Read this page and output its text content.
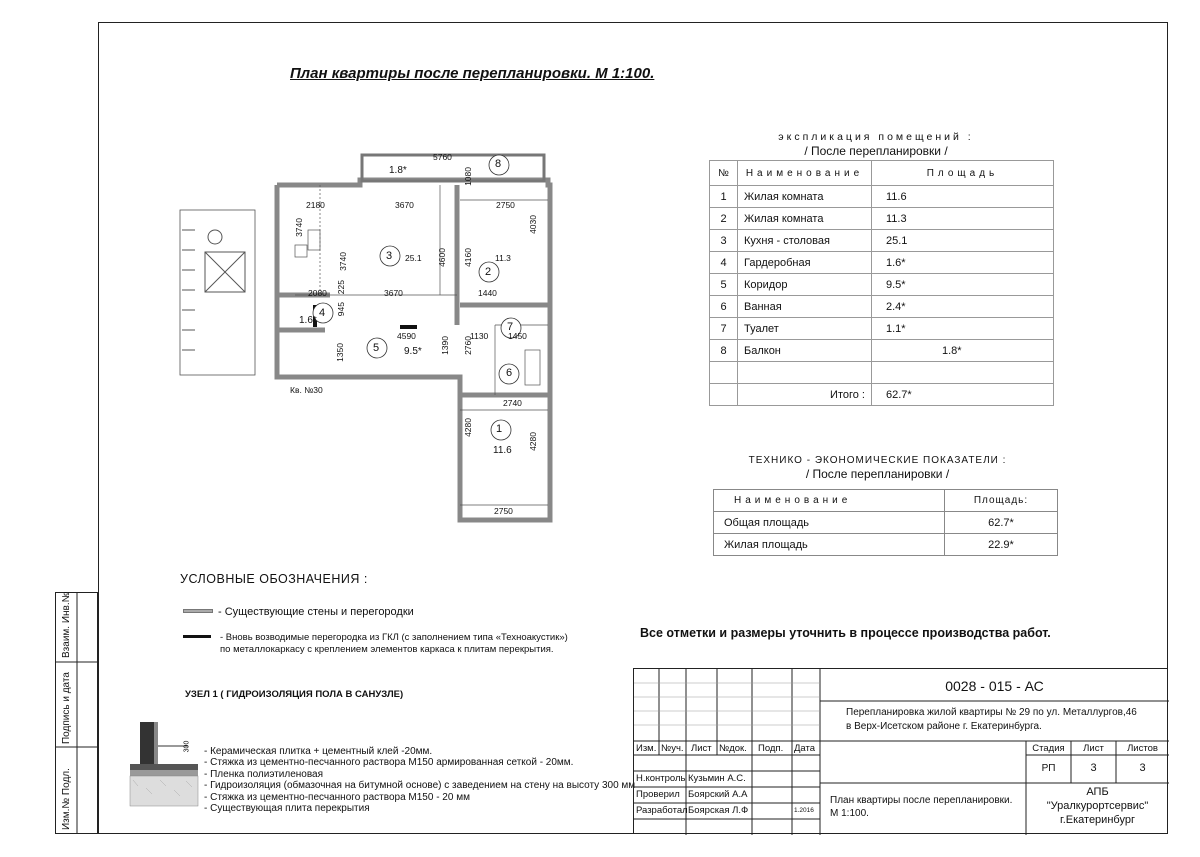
План квартиры после перепланировки. М 1:100.
1
2
3
4
5
6
7
8
11.6
11.3
25.1
1.6*
9.5*
1.8*
Кв. №30
5760
1080
2180	3670	2750
3740
3740	4600 4160
4030
2080	3670	1440
225
945
4590	1130 1450
1350	1390 2760
2740
4280
4280
2750
экспликация помещений :
/ После перепланировки /
№	Наименование	Площадь
1	Жилая комната	11.6
2	Жилая комната	11.3
3	Кухня - столовая	25.1
4	Гардеробная	1.6*
5	Коридор	9.5*
6	Ванная	2.4*
7	Туалет	1.1*
8	Балкон	1.8*

	Итого :	62.7*
ТЕХНИКО - ЭКОНОМИЧЕСКИЕ ПОКАЗАТЕЛИ :
/ После перепланировки /
Наименование	Площадь:
Общая площадь	62.7*
Жилая площадь	22.9*
УСЛОВНЫЕ ОБОЗНАЧЕНИЯ :
- Существующие стены и перегородки
- Вновь возводимые перегородка из ГКЛ (с заполнением типа «Техноакустик»)
по металлокаркасу с креплением элементов каркаса к плитам перекрытия.
Все отметки и размеры уточнить в процессе производства работ.
УЗЕЛ 1 ( ГИДРОИЗОЛЯЦИЯ ПОЛА В САНУЗЛЕ)
300 - Керамическая плитка + цементный клей -20мм.
- Стяжка из цементно-песчанного раствора М150 армированная сеткой - 20мм.
- Пленка полиэтиленовая
- Гидроизоляция (обмазочная на битумной основе) с заведением на стену на высоту 300 мм
- Стяжка из цементно-песчанного раствора М150 - 20 мм
- Существующая плита перекрытия
Взаим. Инв.№
Подпись и дата
Изм.№ Подл.
Изм. №уч. Лист №док. Подп. Дата
Н.контроль Кузьмин А.С.
Проверил Боярский А.А
Разработал Боярская Л.Ф	1.2016
0028 - 015 - АС
Перепланировка жилой квартиры № 29 по ул. Металлургов,46
в Верх-Исетском районе г. Екатеринбурга.
Стадия	Лист	Листов
РП	3	3
План квартиры после перепланировки.
М 1:100.
АПБ
"Уралкурортсервис"
г.Екатеринбург
